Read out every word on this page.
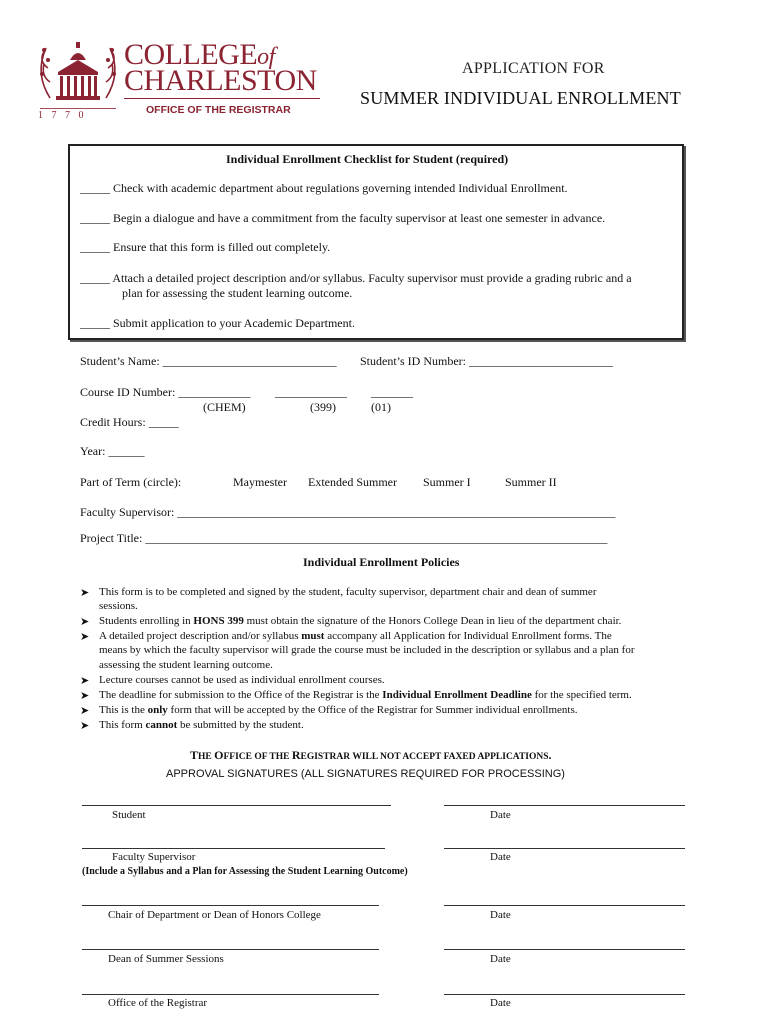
1 7 7 0
COLLEGEof
CHARLESTON
OFFICE OF THE REGISTRAR
APPLICATION FOR
SUMMER INDIVIDUAL ENROLLMENT
Individual Enrollment Checklist for Student (required)
_____ Check with academic department about regulations governing intended Individual Enrollment.
_____ Begin a dialogue and have a commitment from the faculty supervisor at least one semester in advance.
_____ Ensure that this form is filled out completely.
_____ Attach a detailed project description and/or syllabus. Faculty supervisor must provide a grading rubric and a
plan for assessing the student learning outcome.
_____ Submit application to your Academic Department.
Student’s Name: _____________________________ Student’s ID Number: ________________________
Course ID Number: ____________ ____________ _______
(CHEM)	(399)	(01)
Credit Hours: _____
Year: ______
Part of Term (circle):	Maymester Extended Summer Summer I	Summer II
Faculty Supervisor: _________________________________________________________________________
Project Title: _____________________________________________________________________________
Individual Enrollment Policies
➤ This form is to be completed and signed by the student, faculty supervisor, department chair and dean of summer
sessions.
➤ Students enrolling in HONS 399 must obtain the signature of the Honors College Dean in lieu of the department chair.
➤ A detailed project description and/or syllabus must accompany all Application for Individual Enrollment forms. The
means by which the faculty supervisor will grade the course must be included in the description or syllabus and a plan for
assessing the student learning outcome.
➤ Lecture courses cannot be used as individual enrollment courses.
➤ The deadline for submission to the Office of the Registrar is the Individual Enrollment Deadline for the specified term.
➤ This is the only form that will be accepted by the Office of the Registrar for Summer individual enrollments.
➤ This form cannot be submitted by the student.
THE OFFICE OF THE REGISTRAR WILL NOT ACCEPT FAXED APPLICATIONS.
APPROVAL SIGNATURES (ALL SIGNATURES REQUIRED FOR PROCESSING)
Student	Date
Faculty Supervisor	Date
(Include a Syllabus and a Plan for Assessing the Student Learning Outcome)
Chair of Department or Dean of Honors College	Date
Dean of Summer Sessions	Date
Office of the Registrar	Date
